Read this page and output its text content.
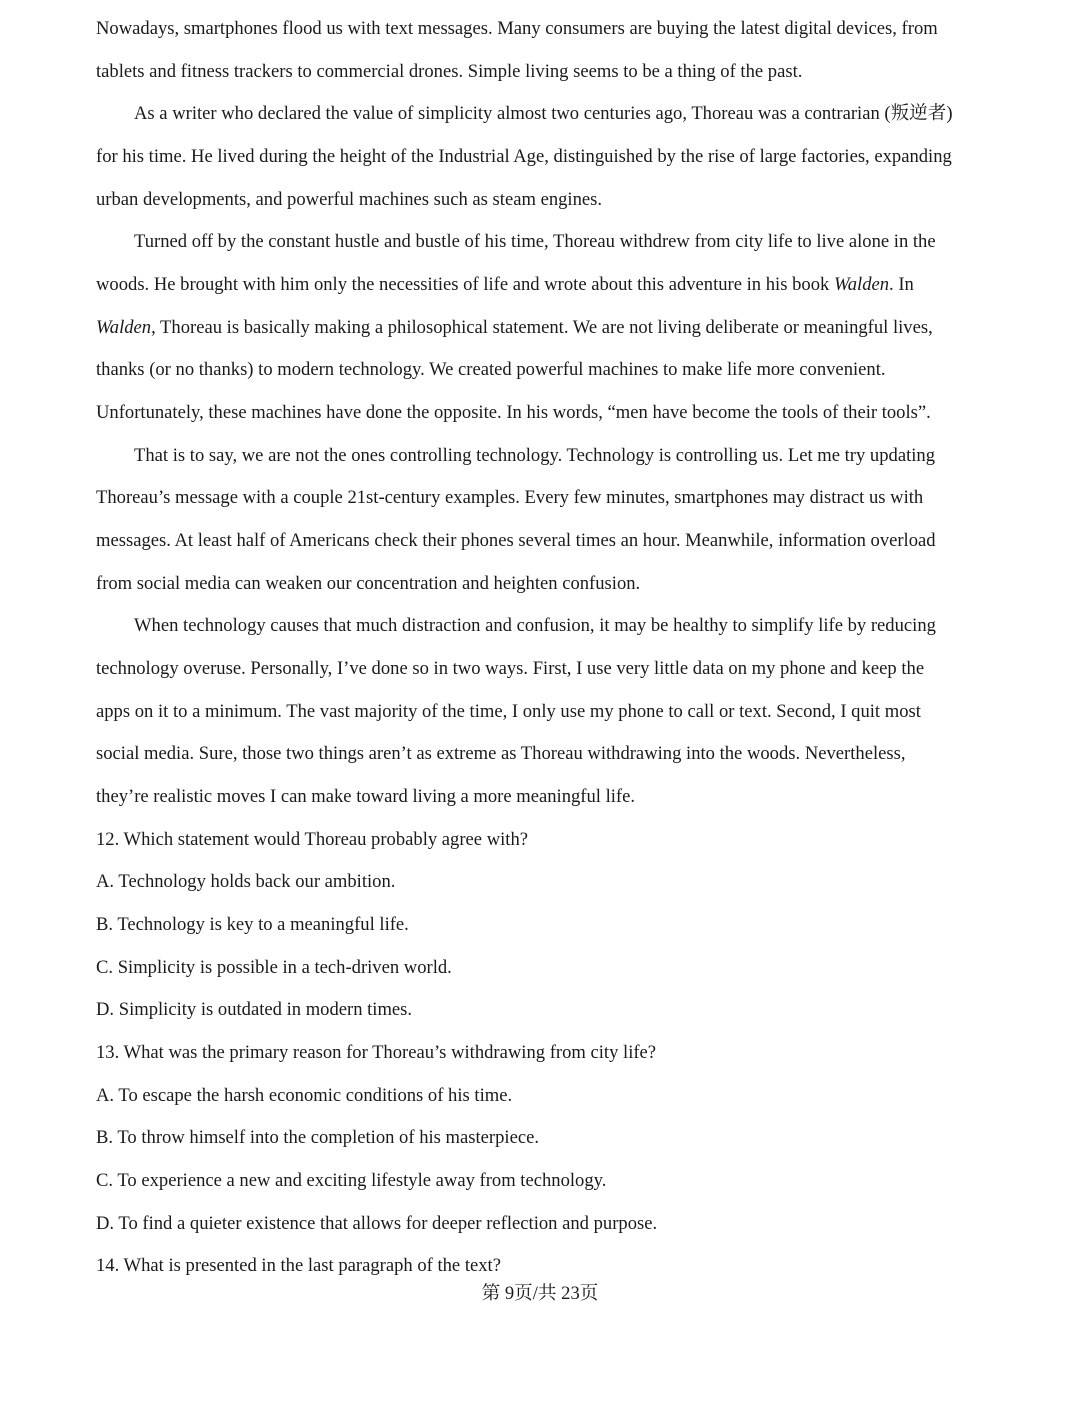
Nowadays, smartphones flood us with text messages. Many consumers are buying the latest digital devices, from
tablets and fitness trackers to commercial drones. Simple living seems to be a thing of the past.
As a writer who declared the value of simplicity almost two centuries ago, Thoreau was a contrarian (叛逆者)
for his time. He lived during the height of the Industrial Age, distinguished by the rise of large factories, expanding
urban developments, and powerful machines such as steam engines.
Turned off by the constant hustle and bustle of his time, Thoreau withdrew from city life to live alone in the
woods. He brought with him only the necessities of life and wrote about this adventure in his book Walden. In
Walden, Thoreau is basically making a philosophical statement. We are not living deliberate or meaningful lives,
thanks (or no thanks) to modern technology. We created powerful machines to make life more convenient.
Unfortunately, these machines have done the opposite. In his words, “men have become the tools of their tools”.
That is to say, we are not the ones controlling technology. Technology is controlling us. Let me try updating
Thoreau’s message with a couple 21st-century examples. Every few minutes, smartphones may distract us with
messages. At least half of Americans check their phones several times an hour. Meanwhile, information overload
from social media can weaken our concentration and heighten confusion.
When technology causes that much distraction and confusion, it may be healthy to simplify life by reducing
technology overuse. Personally, I’ve done so in two ways. First, I use very little data on my phone and keep the
apps on it to a minimum. The vast majority of the time, I only use my phone to call or text. Second, I quit most
social media. Sure, those two things aren’t as extreme as Thoreau withdrawing into the woods. Nevertheless,
they’re realistic moves I can make toward living a more meaningful life.
12. Which statement would Thoreau probably agree with?
A. Technology holds back our ambition.
B. Technology is key to a meaningful life.
C. Simplicity is possible in a tech-driven world.
D. Simplicity is outdated in modern times.
13. What was the primary reason for Thoreau’s withdrawing from city life?
A. To escape the harsh economic conditions of his time.
B. To throw himself into the completion of his masterpiece.
C. To experience a new and exciting lifestyle away from technology.
D. To find a quieter existence that allows for deeper reflection and purpose.
14. What is presented in the last paragraph of the text?
第 9页/共 23页
